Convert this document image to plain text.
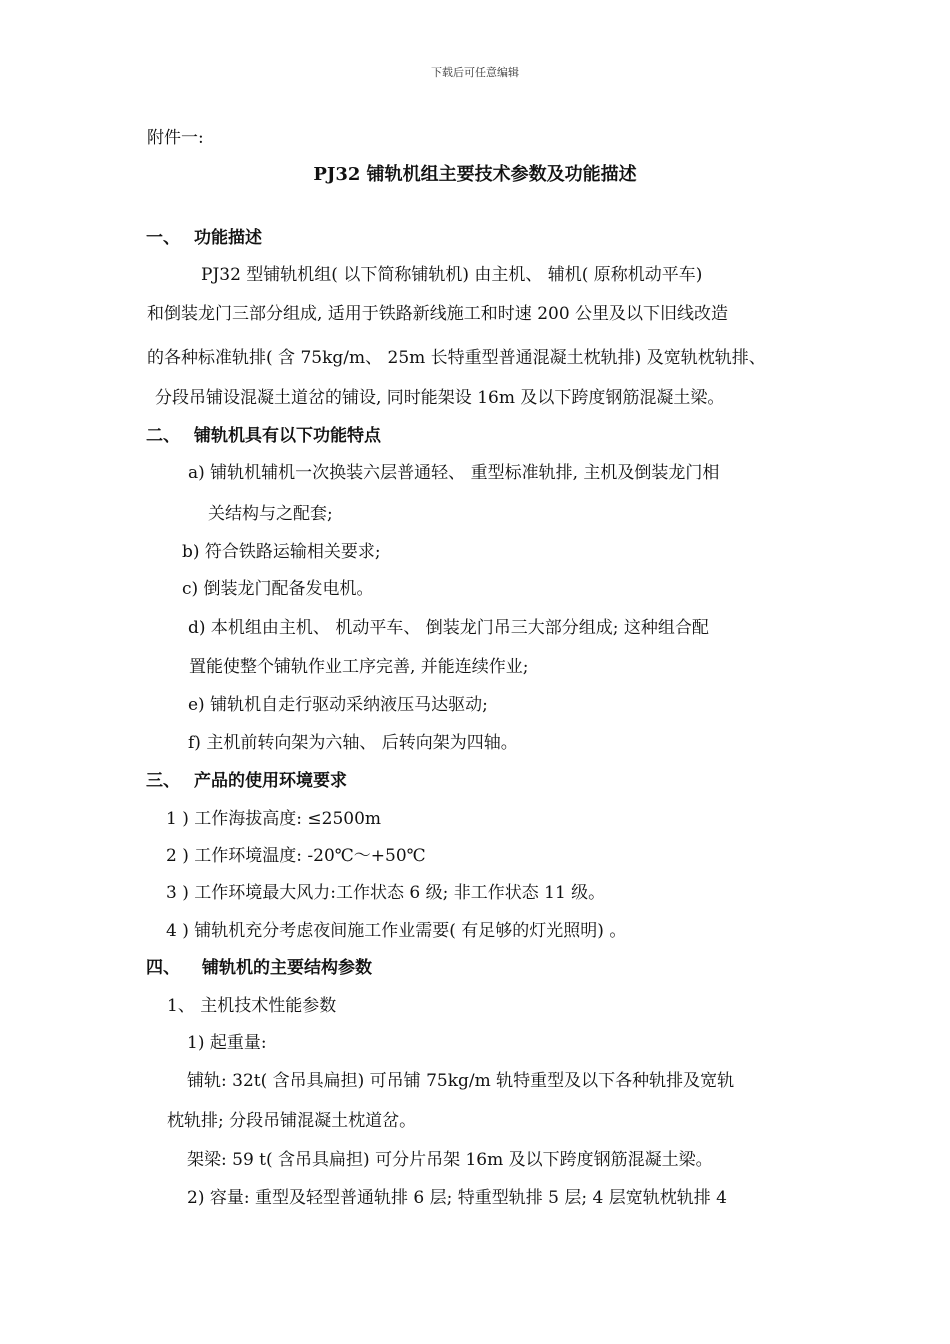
下载后可任意编辑
附件一:
PJ32 铺轨机组主要技术参数及功能描述
一、 功能描述
PJ32 型铺轨机组( 以下简称铺轨机) 由主机、 辅机( 原称机动平车)
和倒装龙门三部分组成, 适用于铁路新线施工和时速 200 公里及以下旧线改造
的各种标准轨排( 含 75kg/m、 25m 长特重型普通混凝土枕轨排) 及宽轨枕轨排、
分段吊铺设混凝土道岔的铺设, 同时能架设 16m 及以下跨度钢筋混凝土梁。
二、 铺轨机具有以下功能特点
a) 铺轨机辅机一次换装六层普通轻、 重型标准轨排, 主机及倒装龙门相
关结构与之配套;
b) 符合铁路运输相关要求;
c) 倒装龙门配备发电机。
d) 本机组由主机、 机动平车、 倒装龙门吊三大部分组成; 这种组合配
置能使整个铺轨作业工序完善, 并能连续作业;
e) 铺轨机自走行驱动采纳液压马达驱动;
f) 主机前转向架为六轴、 后转向架为四轴。
三、 产品的使用环境要求
1 ) 工作海拔高度: ≤2500m
2 ) 工作环境温度: -20℃～+50℃
3 ) 工作环境最大风力:工作状态 6 级; 非工作状态 11 级。
4 ) 铺轨机充分考虑夜间施工作业需要( 有足够的灯光照明) 。
四、 铺轨机的主要结构参数
1、 主机技术性能参数
1) 起重量:
铺轨: 32t( 含吊具扁担) 可吊铺 75kg/m 轨特重型及以下各种轨排及宽轨
枕轨排; 分段吊铺混凝土枕道岔。
架梁: 59 t( 含吊具扁担) 可分片吊架 16m 及以下跨度钢筋混凝土梁。
2) 容量: 重型及轻型普通轨排 6 层; 特重型轨排 5 层; 4 层宽轨枕轨排 4
